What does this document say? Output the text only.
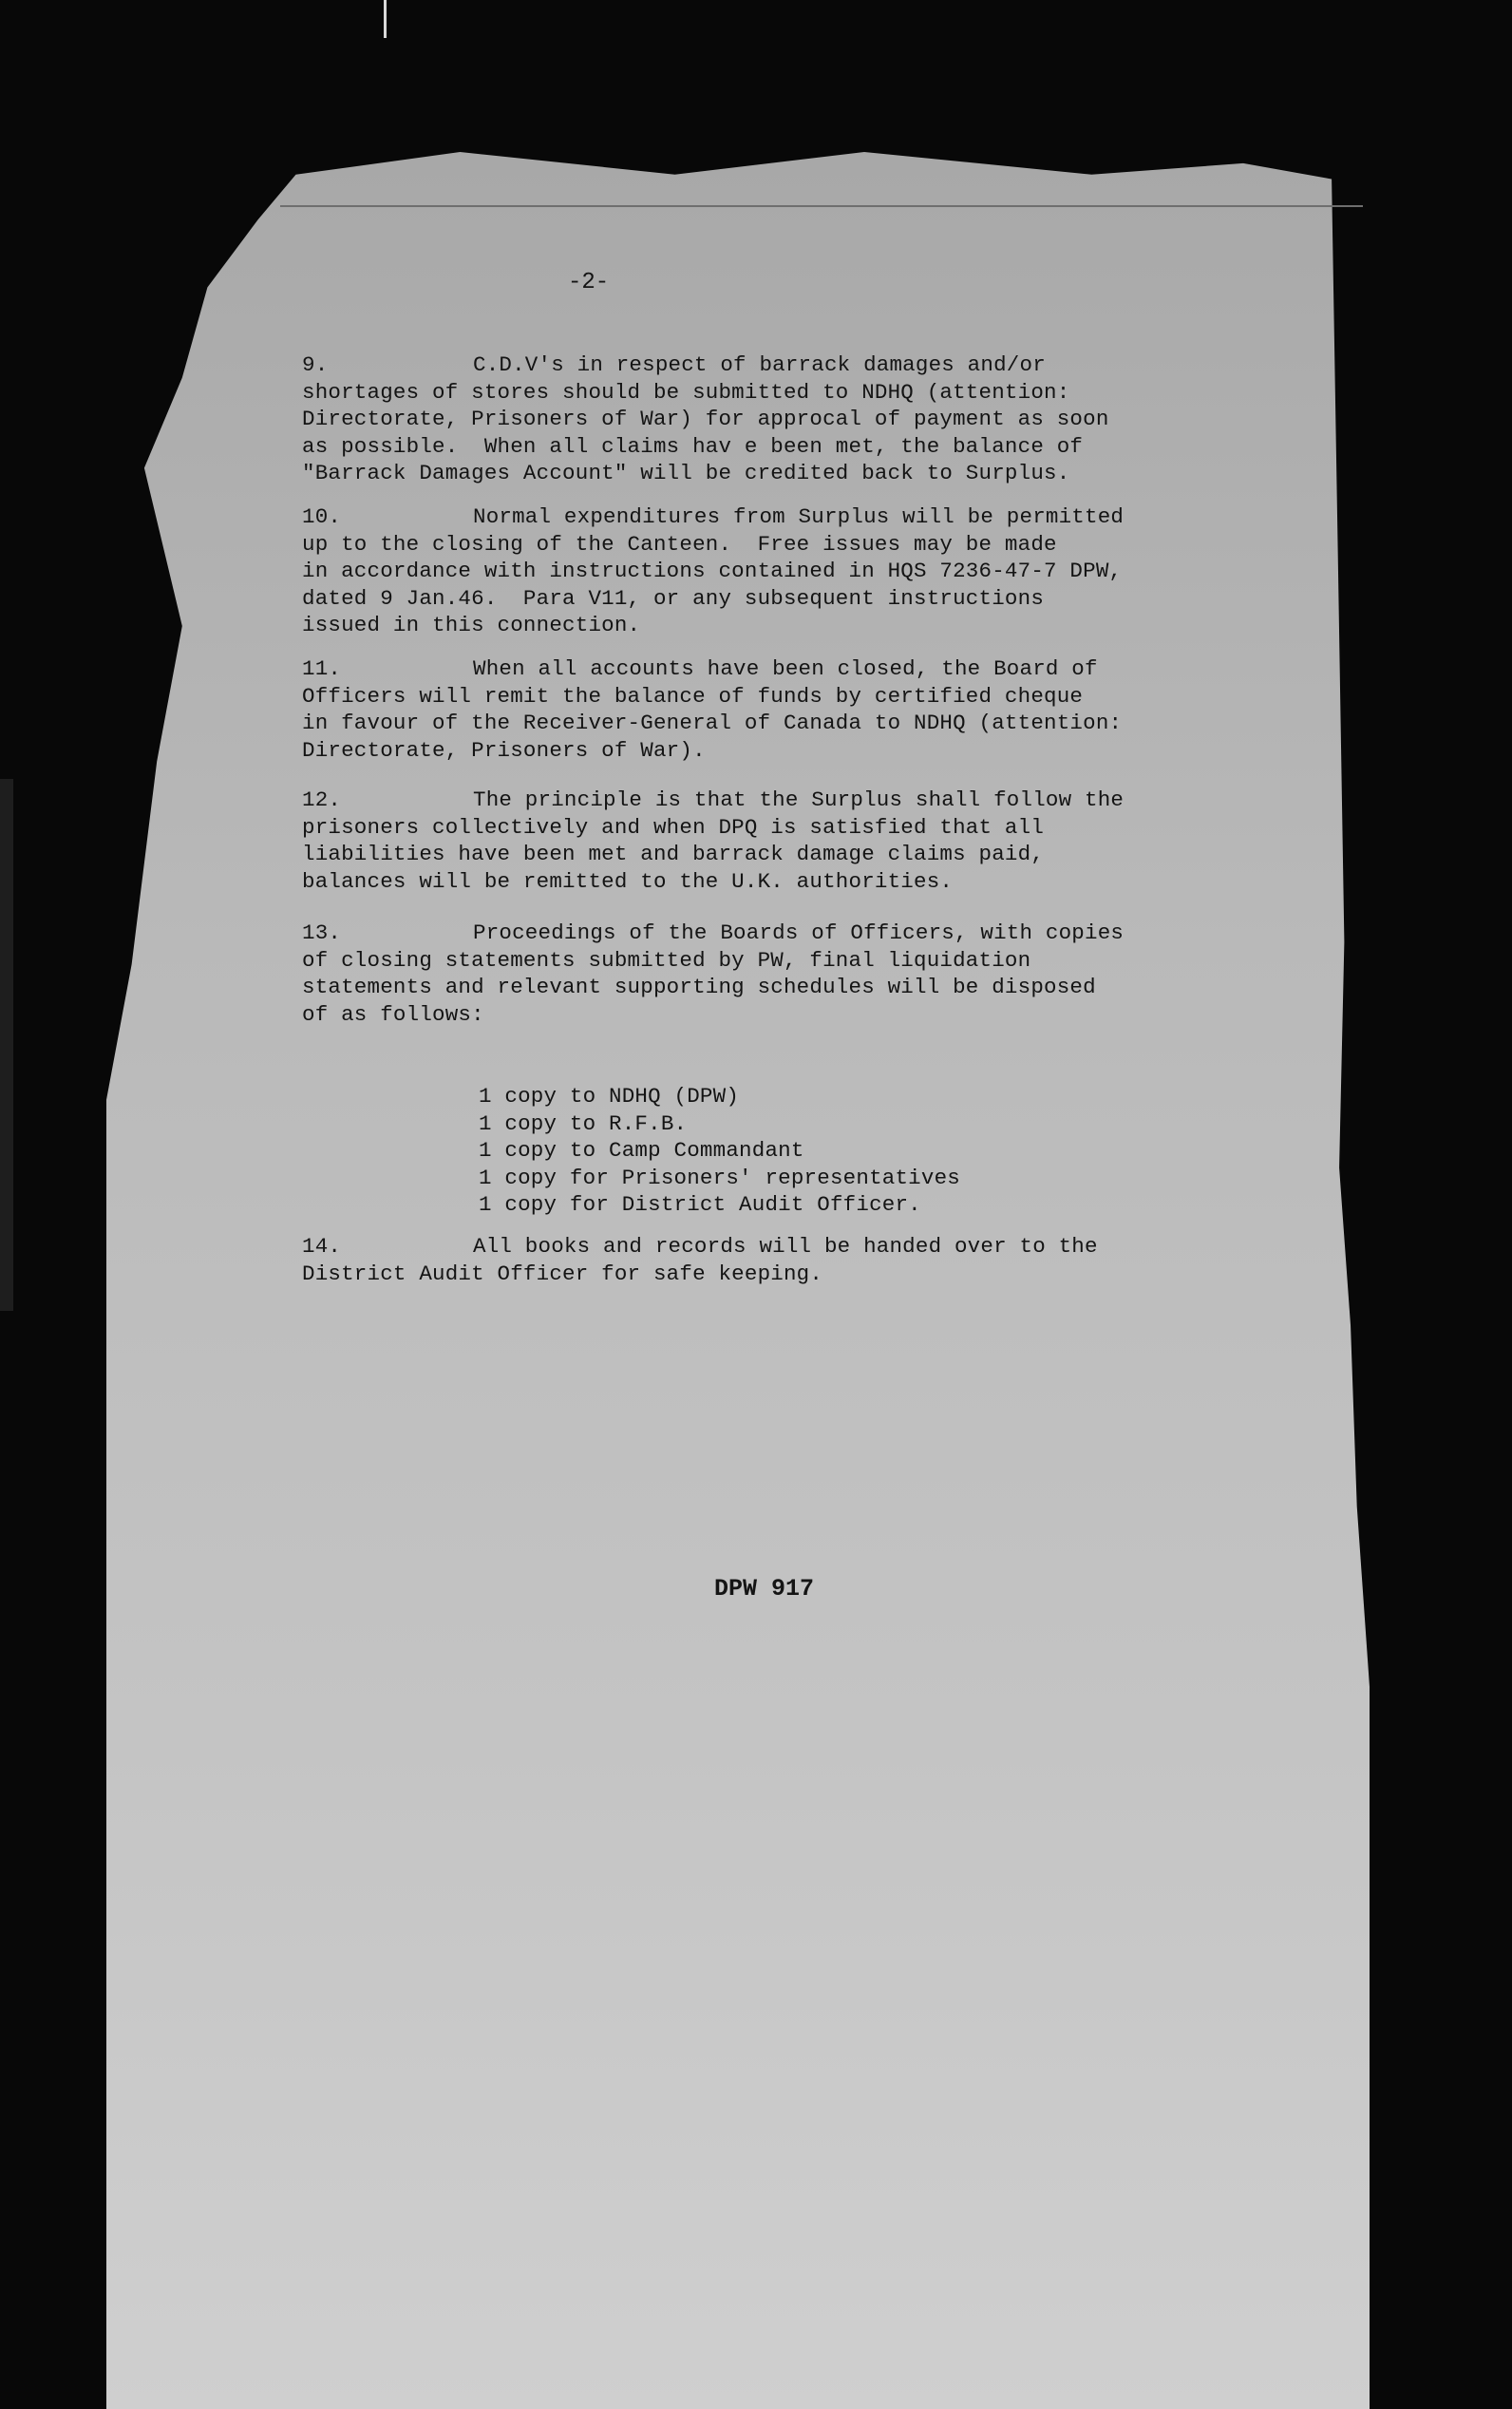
-2-
9.	C.D.V's in respect of barrack damages and/or
shortages of stores should be submitted to NDHQ (attention:
Directorate, Prisoners of War) for approcal of payment as soon
as possible.  When all claims hav e been met, the balance of
"Barrack Damages Account" will be credited back to Surplus.
10.	Normal expenditures from Surplus will be permitted
up to the closing of the Canteen.  Free issues may be made
in accordance with instructions contained in HQS 7236-47-7 DPW,
dated 9 Jan.46.  Para V11, or any subsequent instructions
issued in this connection.
11.	When all accounts have been closed, the Board of
Officers will remit the balance of funds by certified cheque
in favour of the Receiver-General of Canada to NDHQ (attention:
Directorate, Prisoners of War).
12.	The principle is that the Surplus shall follow the
prisoners collectively and when DPQ is satisfied that all
liabilities have been met and barrack damage claims paid,
balances will be remitted to the U.K. authorities.
13.	Proceedings of the Boards of Officers, with copies
of closing statements submitted by PW, final liquidation
statements and relevant supporting schedules will be disposed
of as follows:
1 copy to NDHQ (DPW)
1 copy to R.F.B.
1 copy to Camp Commandant
1 copy for Prisoners' representatives
1 copy for District Audit Officer.
14.	All books and records will be handed over to the
District Audit Officer for safe keeping.
DPW 917
